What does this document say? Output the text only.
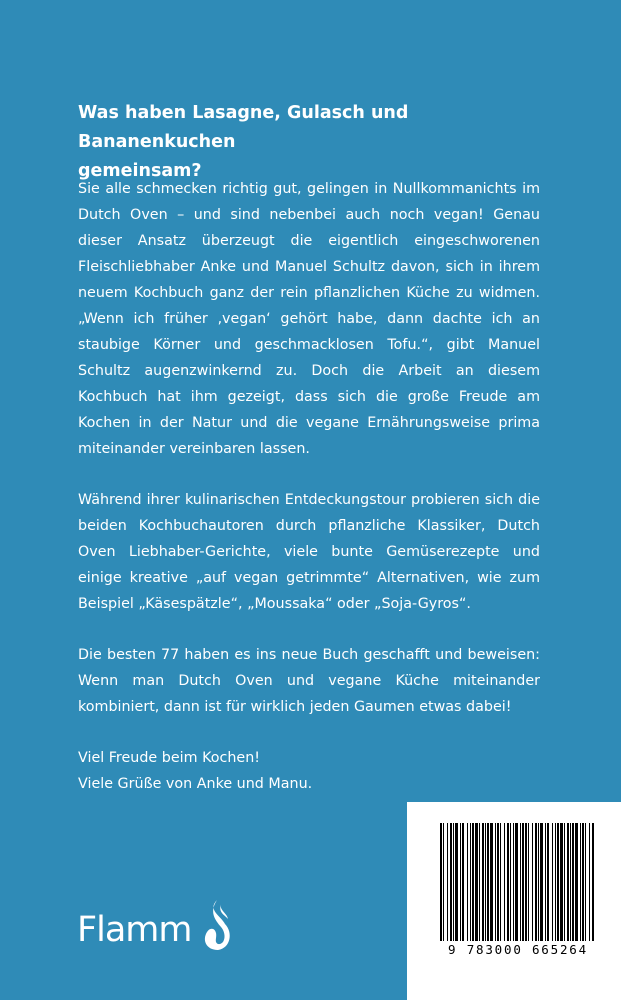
Was haben Lasagne, Gulasch und Bananenkuchen
gemeinsam?

Sie alle schmecken richtig gut, gelingen in Nullkommanichts im Dutch Oven – und sind nebenbei auch noch vegan! Genau dieser Ansatz überzeugt die eigentlich eingeschworenen Fleischliebhaber Anke und Manuel Schultz davon, sich in ihrem neuem Kochbuch ganz der rein pflanzlichen Küche zu widmen. „Wenn ich früher ‚vegan‘ gehört habe, dann dachte ich an staubige Körner und geschmacklosen Tofu.“, gibt Manuel Schultz augenzwinkernd zu. Doch die Arbeit an diesem Kochbuch hat ihm gezeigt, dass sich die große Freude am Kochen in der Natur und die vegane Ernährungsweise prima miteinander vereinbaren lassen.

Während ihrer kulinarischen Entdeckungstour probieren sich die beiden Kochbuchautoren durch pflanzliche Klassiker, Dutch Oven Liebhaber-Gerichte, viele bunte Gemüserezepte und einige kreative „auf vegan getrimmte“ Alternativen, wie zum Beispiel „Käsespätzle“, „Moussaka“ oder „Soja-Gyros“.

Die besten 77 haben es ins neue Buch geschafft und beweisen: Wenn man Dutch Oven und vegane Küche miteinander kombiniert, dann ist für wirklich jeden Gaumen etwas dabei!

Viel Freude beim Kochen!
Viele Grüße von Anke und Manu.

Flamm	9 783000 665264
